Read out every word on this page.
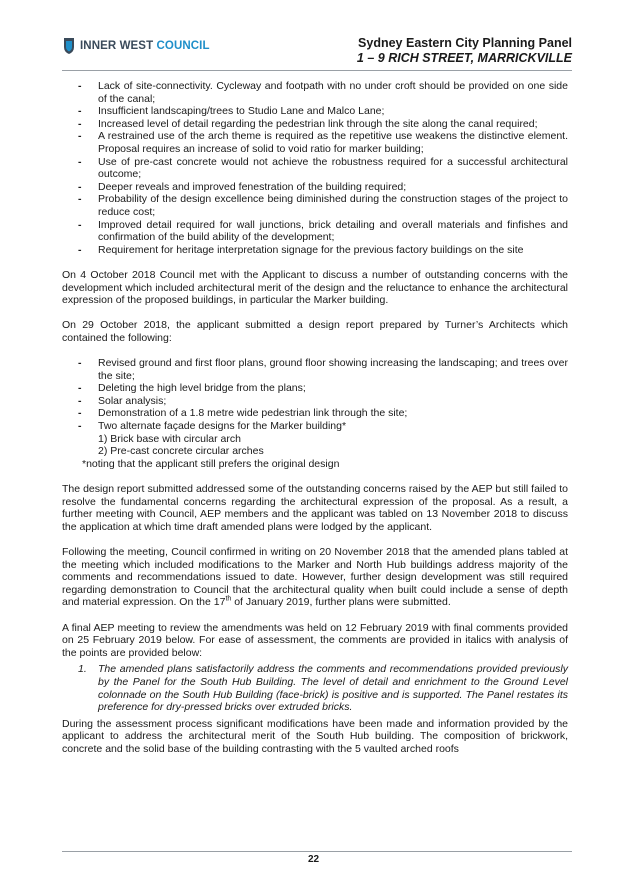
INNER WEST COUNCIL	Sydney Eastern City Planning Panel
1 – 9 RICH STREET, MARRICKVILLE
- Lack of site-connectivity. Cycleway and footpath with no under croft should be provided on one side of the canal;
- Insufficient landscaping/trees to Studio Lane and Malco Lane;
- Increased level of detail regarding the pedestrian link through the site along the canal required;
- A restrained use of the arch theme is required as the repetitive use weakens the distinctive element. Proposal requires an increase of solid to void ratio for marker building;
- Use of pre-cast concrete would not achieve the robustness required for a successful architectural outcome;
- Deeper reveals and improved fenestration of the building required;
- Probability of the design excellence being diminished during the construction stages of the project to reduce cost;
- Improved detail required for wall junctions, brick detailing and overall materials and finfishes and confirmation of the build ability of the development;
- Requirement for heritage interpretation signage for the previous factory buildings on the site

On 4 October 2018 Council met with the Applicant to discuss a number of outstanding concerns with the development which included architectural merit of the design and the reluctance to enhance the architectural expression of the proposed buildings, in particular the Marker building.

On 29 October 2018, the applicant submitted a design report prepared by Turner’s Architects which contained the following:

- Revised ground and first floor plans, ground floor showing increasing the landscaping; and trees over the site;
- Deleting the high level bridge from the plans;
- Solar analysis;
- Demonstration of a 1.8 metre wide pedestrian link through the site;
- Two alternate façade designs for the Marker building*
1) Brick base with circular arch
2) Pre-cast concrete circular arches
*noting that the applicant still prefers the original design

The design report submitted addressed some of the outstanding concerns raised by the AEP but still failed to resolve the fundamental concerns regarding the architectural expression of the proposal. As a result, a further meeting with Council, AEP members and the applicant was tabled on 13 November 2018 to discuss the application at which time draft amended plans were lodged by the applicant.

Following the meeting, Council confirmed in writing on 20 November 2018 that the amended plans tabled at the meeting which included modifications to the Marker and North Hub buildings address majority of the comments and recommendations issued to date. However, further design development was still required regarding demonstration to Council that the architectural quality when built could include a sense of depth and material expression. On the 17th of January 2019, further plans were submitted.

A final AEP meeting to review the amendments was held on 12 February 2019 with final comments provided on 25 February 2019 below. For ease of assessment, the comments are provided in italics with analysis of the points are provided below:

1. The amended plans satisfactorily address the comments and recommendations provided previously by the Panel for the South Hub Building. The level of detail and enrichment to the Ground Level colonnade on the South Hub Building (face-brick) is positive and is supported. The Panel restates its preference for dry-pressed bricks over extruded bricks.

During the assessment process significant modifications have been made and information provided by the applicant to address the architectural merit of the South Hub building. The composition of brickwork, concrete and the solid base of the building contrasting with the 5 vaulted arched roofs

22
